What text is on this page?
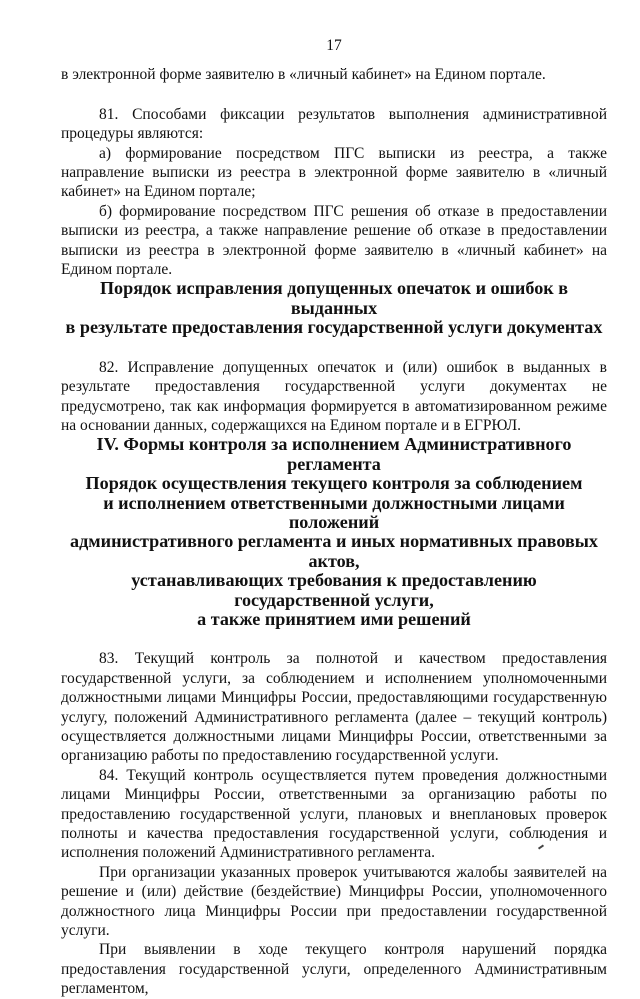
17

в электронной форме заявителю в «личный кабинет» на Едином портале.

81. Способами фиксации результатов выполнения административной процедуры являются:

а) формирование посредством ПГС выписки из реестра, а также направление выписки из реестра в электронной форме заявителю в «личный кабинет» на Едином портале;

б) формирование посредством ПГС решения об отказе в предоставлении выписки из реестра, а также направление решение об отказе в предоставлении выписки из реестра в электронной форме заявителю в «личный кабинет» на Едином портале.

Порядок исправления допущенных опечаток и ошибок в выданных
в результате предоставления государственной услуги документах

82. Исправление допущенных опечаток и (или) ошибок в выданных в результате предоставления государственной услуги документах не предусмотрено, так как информация формируется в автоматизированном режиме на основании данных, содержащихся на Едином портале и в ЕГРЮЛ.

IV. Формы контроля за исполнением Административного регламента
Порядок осуществления текущего контроля за соблюдением
и исполнением ответственными должностными лицами положений
административного регламента и иных нормативных правовых актов,
устанавливающих требования к предоставлению государственной услуги,
а также принятием ими решений

83. Текущий контроль за полнотой и качеством предоставления государственной услуги, за соблюдением и исполнением уполномоченными должностными лицами Минцифры России, предоставляющими государственную услугу, положений Административного регламента (далее – текущий контроль) осуществляется должностными лицами Минцифры России, ответственными за организацию работы по предоставлению государственной услуги.

84. Текущий контроль осуществляется путем проведения должностными лицами Минцифры России, ответственными за организацию работы по предоставлению государственной услуги, плановых и внеплановых проверок полноты и качества предоставления государственной услуги, соблюдения и исполнения положений Административного регламента.

При организации указанных проверок учитываются жалобы заявителей на решение и (или) действие (бездействие) Минцифры России, уполномоченного должностного лица Минцифры России при предоставлении государственной услуги.

При выявлении в ходе текущего контроля нарушений порядка предоставления государственной услуги, определенного Административным регламентом,
